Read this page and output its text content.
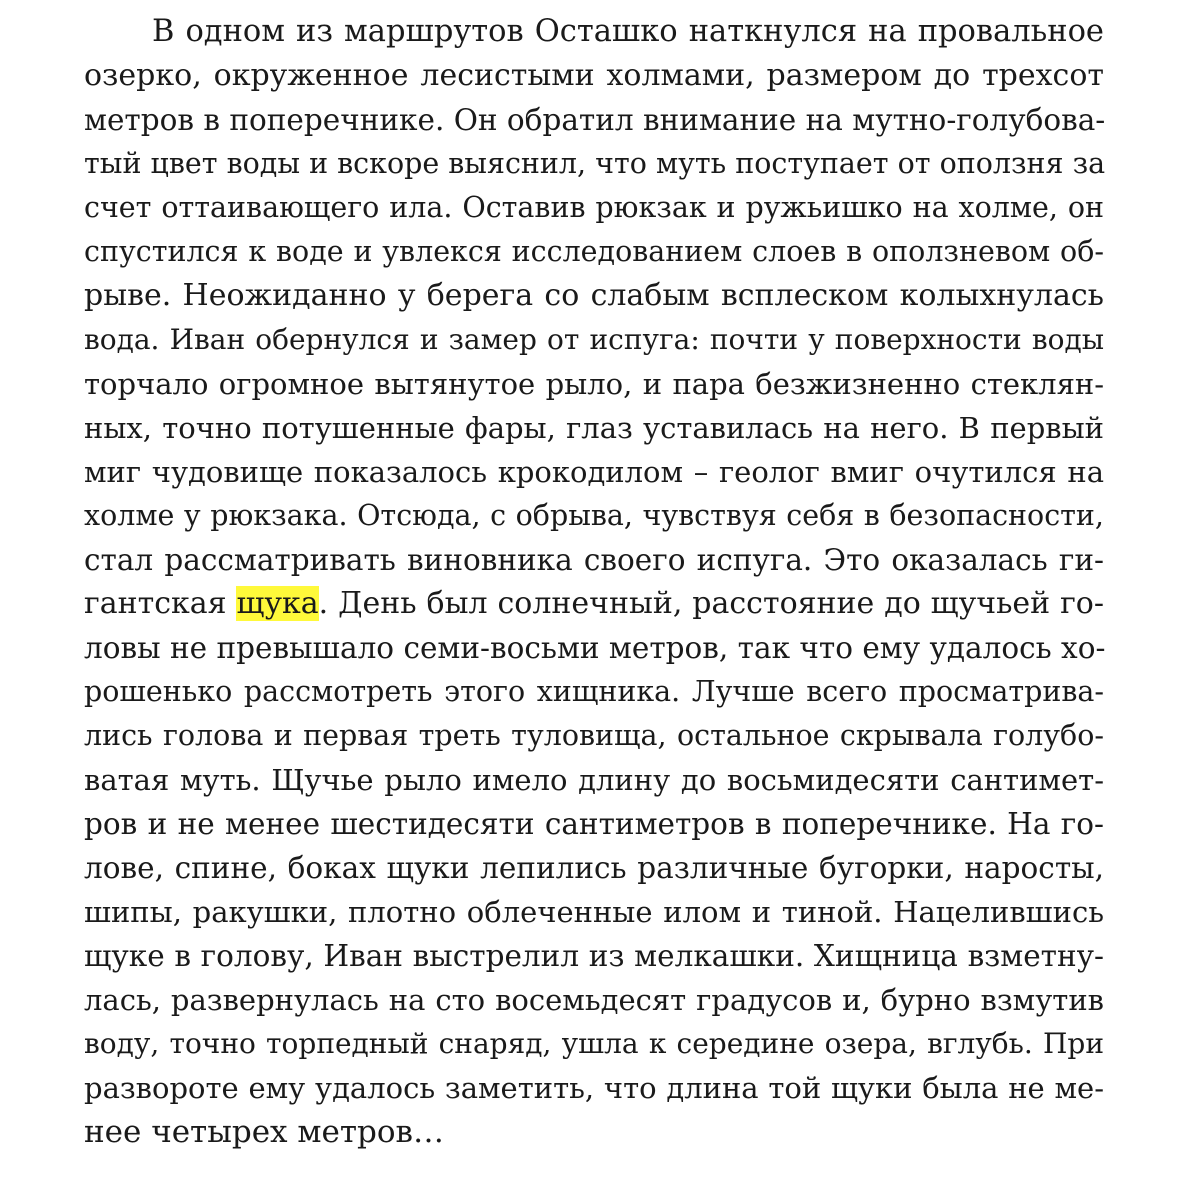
В одном из маршрутов Осташко наткнулся на провальное
озерко, окруженное лесистыми холмами, размером до трехсот
метров в поперечнике. Он обратил внимание на мутно-голубова-
тый цвет воды и вскоре выяснил, что муть поступает от оползня за
счет оттаивающего ила. Оставив рюкзак и ружьишко на холме, он
спустился к воде и увлекся исследованием слоев в оползневом об-
рыве. Неожиданно у берега со слабым всплеском колыхнулась
вода. Иван обернулся и замер от испуга: почти у поверхности воды
торчало огромное вытянутое рыло, и пара безжизненно стеклян-
ных, точно потушенные фары, глаз уставилась на него. В первый
миг чудовище показалось крокодилом – геолог вмиг очутился на
холме у рюкзака. Отсюда, с обрыва, чувствуя себя в безопасности,
стал рассматривать виновника своего испуга. Это оказалась ги-
гантская щука. День был солнечный, расстояние до щучьей го-
ловы не превышало семи-восьми метров, так что ему удалось хо-
рошенько рассмотреть этого хищника. Лучше всего просматрива-
лись голова и первая треть туловища, остальное скрывала голубо-
ватая муть. Щучье рыло имело длину до восьмидесяти сантимет-
ров и не менее шестидесяти сантиметров в поперечнике. На го-
лове, спине, боках щуки лепились различные бугорки, наросты,
шипы, ракушки, плотно облеченные илом и тиной. Нацелившись
щуке в голову, Иван выстрелил из мелкашки. Хищница взметну-
лась, развернулась на сто восемьдесят градусов и, бурно взмутив
воду, точно торпедный снаряд, ушла к середине озера, вглубь. При
развороте ему удалось заметить, что длина той щуки была не ме-
нее четырех метров…
